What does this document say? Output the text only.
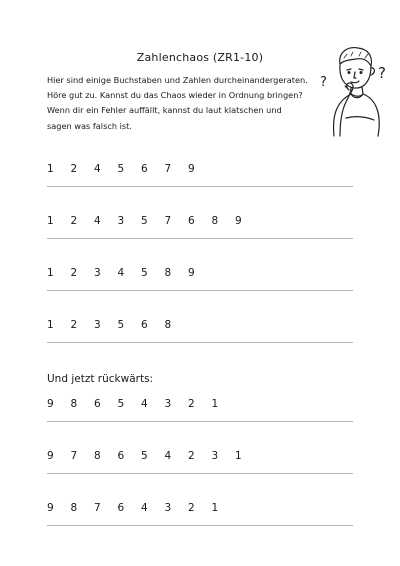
Zahlenchaos (ZR1-10)
Hier sind einige Buchstaben und Zahlen durcheinandergeraten.
Höre gut zu. Kannst du das Chaos wieder in Ordnung bringen?
Wenn dir ein Fehler auffällt, kannst du laut klatschen und
sagen was falsch ist.
?
?
1	2	4	5	6	7	9
1	2	4	3	5	7	6	8	9
1	2	3	4	5	8	9
1	2	3	5	6	8
Und jetzt rückwärts:
9	8	6	5	4	3	2	1
9	7	8	6	5	4	2	3	1
9	8	7	6	4	3	2	1
